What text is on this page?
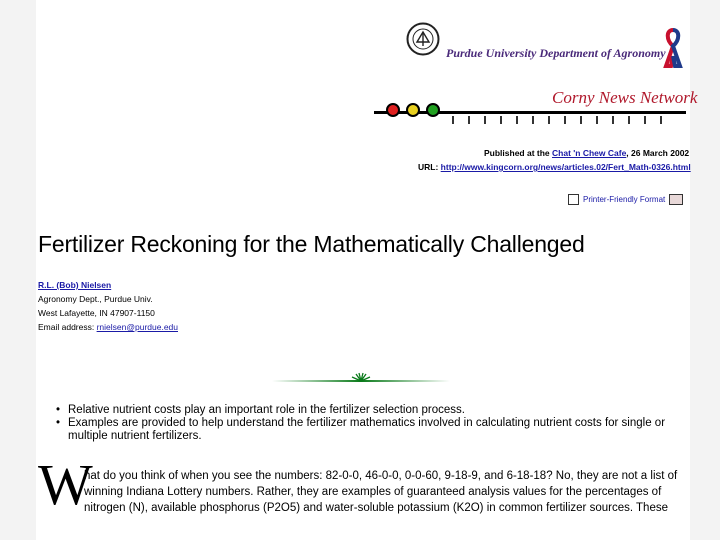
Purdue University Department of Agronomy
Corny News Network
Published at the Chat 'n Chew Cafe, 26 March 2002
URL: http://www.kingcorn.org/news/articles.02/Fert_Math-0326.html
Printer-Friendly Format
Fertilizer Reckoning for the Mathematically Challenged
R.L. (Bob) Nielsen
Agronomy Dept., Purdue Univ.
West Lafayette, IN 47907-1150
Email address: rnielsen@purdue.edu
• Relative nutrient costs play an important role in the fertilizer selection process.
• Examples are provided to help understand the fertilizer mathematics involved in calculating nutrient costs for single or multiple nutrient fertilizers.
W

hat do you think of when you see the numbers: 82-0-0, 46-0-0, 0-0-60, 9-18-9, and 6-18-18? No, they are not a list of

winning Indiana Lottery numbers. Rather, they are examples of guaranteed analysis values for the percentages of

nitrogen (N), available phosphorus (P2O5) and water-soluble potassium (K2O) in common fertilizer sources. These
